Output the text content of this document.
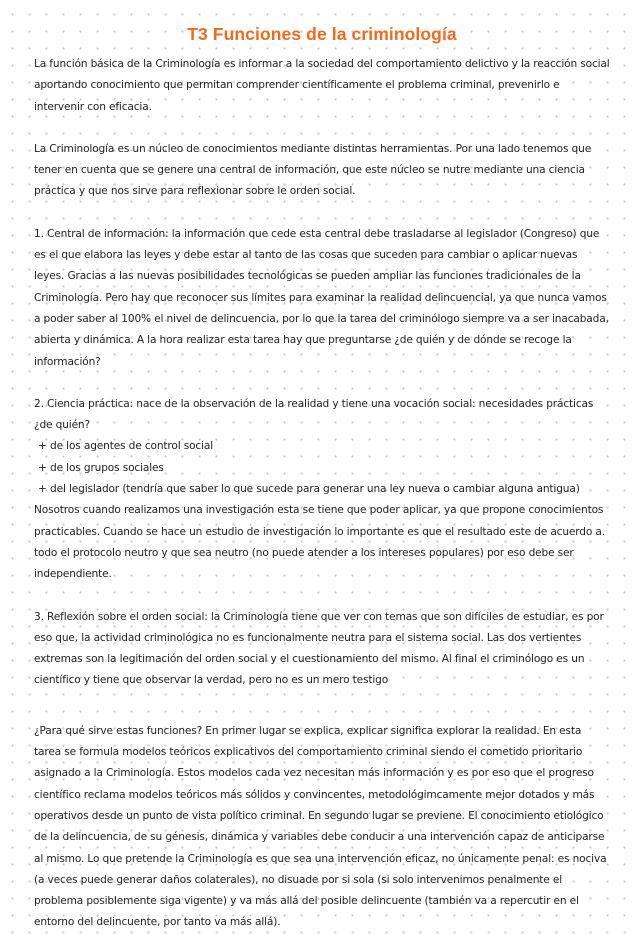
T3 Funciones de la criminología

La función básica de la Criminología es informar a la sociedad del comportamiento delictivo y la reacción social aportando conocimiento que permitan comprender científicamente el problema criminal, prevenirlo e intervenir con eficacia.

La Criminología es un núcleo de conocimientos mediante distintas herramientas. Por una lado tenemos que tener en cuenta que se genere una central de información, que este núcleo se nutre mediante una ciencia práctica y que nos sirve para reflexionar sobre le orden social.

1. Central de información: la información que cede esta central debe trasladarse al legislador (Congreso) que es el que elabora las leyes y debe estar al tanto de las cosas que suceden para cambiar o aplicar nuevas leyes. Gracias a las nuevas posibilidades tecnológicas se pueden ampliar las funciones tradicionales de la Criminología. Pero hay que reconocer sus límites para examinar la realidad delincuencial, ya que nunca vamos a poder saber al 100% el nivel de delincuencia, por lo que la tarea del criminólogo siempre va a ser inacabada, abierta y dinámica. A la hora realizar esta tarea hay que preguntarse ¿de quién y de dónde se recoge la información?

2. Ciencia práctica: nace de la observación de la realidad y tiene una vocación social: necesidades prácticas ¿de quién?

+ de los agentes de control social

+ de los grupos sociales

+ del legislador (tendría que saber lo que sucede para generar una ley nueva o cambiar alguna antigua)

Nosotros cuando realizamos una investigación esta se tiene que poder aplicar, ya que propone conocimientos practicables. Cuando se hace un estudio de investigación lo importante es que el resultado este de acuerdo a. todo el protocolo neutro y que sea neutro (no puede atender a los intereses populares) por eso debe ser independiente.

3. Reflexión sobre el orden social: la Criminología tiene que ver con temas que son difíciles de estudiar, es por eso que, la actividad criminológica no es funcionalmente neutra para el sistema social. Las dos vertientes extremas son la legitimación del orden social y el cuestionamiento del mismo. Al final el criminólogo es un científico y tiene que observar la verdad, pero no es un mero testigo

¿Para qué sirve estas funciones? En primer lugar se explica, explicar significa explorar la realidad. En esta tarea se formula modelos teóricos explicativos del comportamiento criminal siendo el cometido prioritario asignado a la Criminología. Estos modelos cada vez necesitan más información y es por eso que el progreso científico reclama modelos teóricos más sólidos y convincentes, metodológimcamente mejor dotados y más operativos desde un punto de vista político criminal. En segundo lugar se previene. El conocimiento etiológico de la delincuencia, de su génesis, dinámica y variables debe conducir a una intervención capaz de anticiparse al mismo. Lo que pretende la Criminología es que sea una intervención eficaz, no únicamente penal: es nociva (a veces puede generar daños colaterales), no disuade por si sola (si solo intervenimos penalmente el problema posiblemente siga vigente) y va más allá del posible delincuente (también va a repercutir en el entorno del delincuente, por tanto va más allá).
